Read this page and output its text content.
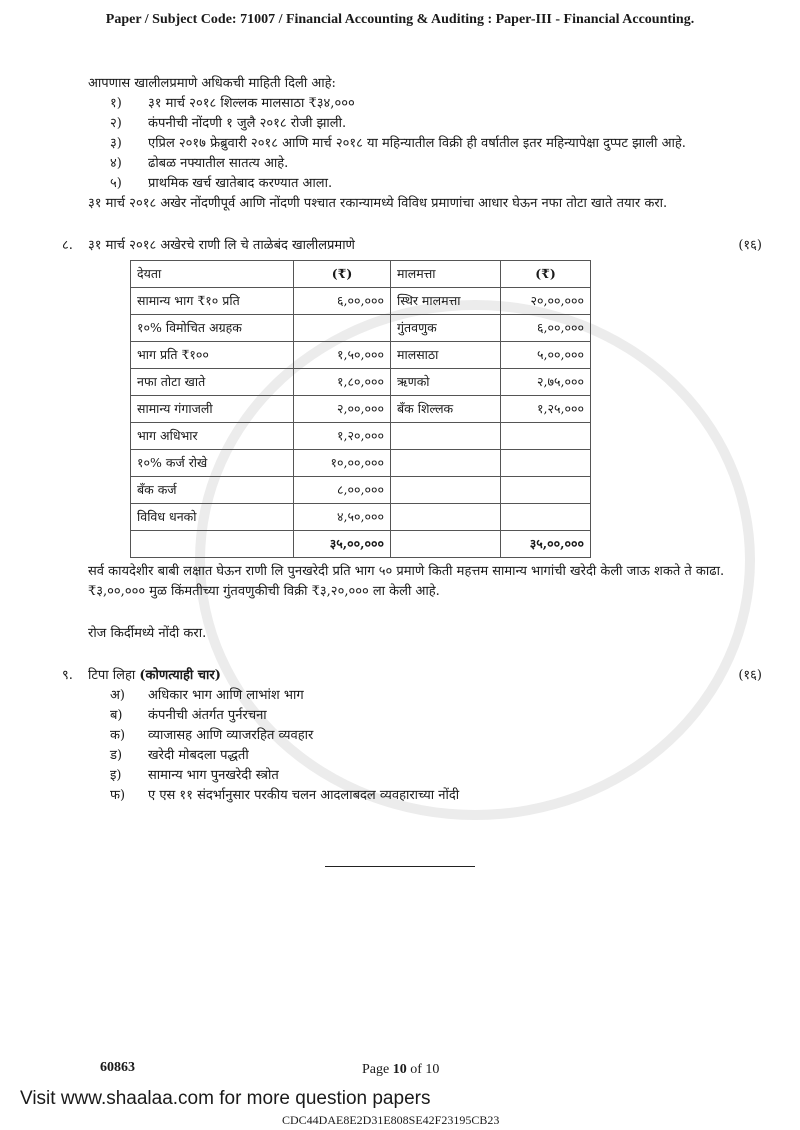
Paper / Subject Code: 71007 / Financial Accounting & Auditing : Paper-III - Financial Accounting.
आपणास खालीलप्रमाणे अधिकची माहिती दिली आहे:
१)	३१ मार्च २०१८ शिल्लक मालसाठा ₹३४,०००
२)	कंपनीची नोंदणी १ जुलै २०१८ रोजी झाली.
३)	एप्रिल २०१७ फ्रेब्रुवारी २०१८ आणि मार्च २०१८ या महिन्यातील विक्री ही वर्षातील इतर महिन्यापेक्षा दुप्पट झाली आहे.
४)	ढोबळ नफ्यातील सातत्य आहे.
५)	प्राथमिक खर्च खातेबाद करण्यात आला.
३१ मार्च २०१८ अखेर नोंदणीपूर्व आणि नोंदणी पश्चात रकान्यामध्ये विविध प्रमाणांचा आधार घेऊन नफा तोटा खाते तयार करा.
८.	३१ मार्च २०१८ अखेरचे राणी लि चे ताळेबंद खालीलप्रमाणे	(१६)
देयता	(₹)	मालमत्ता	(₹)
सामान्य भाग ₹१० प्रति	६,००,०००	स्थिर मालमत्ता	२०,००,०००
१०% विमोचित अग्रहक		गुंतवणुक	६,००,०००
भाग प्रति ₹१००	१,५०,०००	मालसाठा	५,००,०००
नफा तोटा खाते	१,८०,०००	ऋणको	२,७५,०००
सामान्य गंगाजली	२,००,०००	बँक शिल्लक	१,२५,०००
भाग अधिभार	१,२०,०००		
१०% कर्ज रोखे	१०,००,०००		
बँक कर्ज	८,००,०००		
विविध धनको	४,५०,०००		
	३५,००,०००		३५,००,०००
सर्व कायदेशीर बाबी लक्षात घेऊन राणी लि पुनखरेदी प्रति भाग ५० प्रमाणे किती महत्तम सामान्य भागांची खरेदी केली जाऊ शकते ते काढा. ₹३,००,००० मुळ किंमतीच्या गुंतवणुकीची विक्री ₹३,२०,००० ला केली आहे.
रोज किर्दीमध्ये नोंदी करा.
९.	टिपा लिहा (कोणत्याही चार)	(१६)
अ)	अधिकार भाग आणि लाभांश भाग
ब)	कंपनीची अंतर्गत पुर्नरचना
क)	व्याजासह आणि व्याजरहित व्यवहार
ड)	खरेदी मोबदला पद्धती
इ)	सामान्य भाग पुनखरेदी स्त्रोत
फ)	ए एस ११ संदर्भानुसार परकीय चलन आदलाबदल व्यवहाराच्या नोंदी
60863	Page 10 of 10
Visit www.shaalaa.com for more question papers
CDC44DAE8E2D31E808SE42F23195CB23
